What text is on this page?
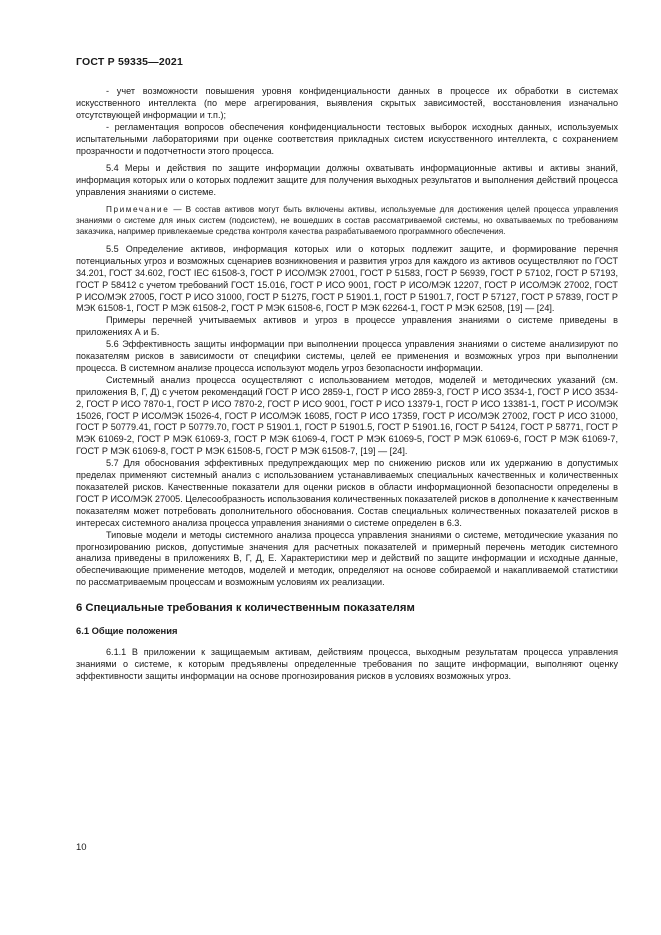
ГОСТ Р 59335—2021

- учет возможности повышения уровня конфиденциальности данных в процессе их обработки в системах искусственного интеллекта (по мере агрегирования, выявления скрытых зависимостей, восстановления изначально отсутствующей информации и т.п.);

- регламентация вопросов обеспечения конфиденциальности тестовых выборок исходных данных, используемых испытательными лабораториями при оценке соответствия прикладных систем искусственного интеллекта, с сохранением прозрачности и подотчетности этого процесса.

5.4 Меры и действия по защите информации должны охватывать информационные активы и активы знаний, информация которых или о которых подлежит защите для получения выходных результатов и выполнения действий процесса управления знаниями о системе.

Примечание — В состав активов могут быть включены активы, используемые для достижения целей процесса управления знаниями о системе для иных систем (подсистем), не вошедших в состав рассматриваемой системы, но охватываемых по требованиям заказчика, например привлекаемые средства контроля качества разрабатываемого программного обеспечения.

5.5 Определение активов, информация которых или о которых подлежит защите, и формирование перечня потенциальных угроз и возможных сценариев возникновения и развития угроз для каждого из активов осуществляют по ГОСТ 34.201, ГОСТ 34.602, ГОСТ IEC 61508-3, ГОСТ Р ИСО/МЭК 27001, ГОСТ Р 51583, ГОСТ Р 56939, ГОСТ Р 57102, ГОСТ Р 57193, ГОСТ Р 58412 с учетом требований ГОСТ 15.016, ГОСТ Р ИСО 9001, ГОСТ Р ИСО/МЭК 12207, ГОСТ Р ИСО/МЭК 27002, ГОСТ Р ИСО/МЭК 27005, ГОСТ Р ИСО 31000, ГОСТ Р 51275, ГОСТ Р 51901.1, ГОСТ Р 51901.7, ГОСТ Р 57127, ГОСТ Р 57839, ГОСТ Р МЭК 61508-1, ГОСТ Р МЭК 61508-2, ГОСТ Р МЭК 61508-6, ГОСТ Р МЭК 62264-1, ГОСТ Р МЭК 62508, [19] — [24].

Примеры перечней учитываемых активов и угроз в процессе управления знаниями о системе приведены в приложениях А и Б.

5.6 Эффективность защиты информации при выполнении процесса управления знаниями о системе анализируют по показателям рисков в зависимости от специфики системы, целей ее применения и возможных угроз при выполнении процесса. В системном анализе процесса используют модель угроз безопасности информации.

Системный анализ процесса осуществляют с использованием методов, моделей и методических указаний (см. приложения В, Г, Д) с учетом рекомендаций ГОСТ Р ИСО 2859-1, ГОСТ Р ИСО 2859-3, ГОСТ Р ИСО 3534-1, ГОСТ Р ИСО 3534-2, ГОСТ Р ИСО 7870-1, ГОСТ Р ИСО 7870-2, ГОСТ Р ИСО 9001, ГОСТ Р ИСО 13379-1, ГОСТ Р ИСО 13381-1, ГОСТ Р ИСО/МЭК 15026, ГОСТ Р ИСО/МЭК 15026-4, ГОСТ Р ИСО/МЭК 16085, ГОСТ Р ИСО 17359, ГОСТ Р ИСО/МЭК 27002, ГОСТ Р ИСО 31000, ГОСТ Р 50779.41, ГОСТ Р 50779.70, ГОСТ Р 51901.1, ГОСТ Р 51901.5, ГОСТ Р 51901.16, ГОСТ Р 54124, ГОСТ Р 58771, ГОСТ Р МЭК 61069-2, ГОСТ Р МЭК 61069-3, ГОСТ Р МЭК 61069-4, ГОСТ Р МЭК 61069-5, ГОСТ Р МЭК 61069-6, ГОСТ Р МЭК 61069-7, ГОСТ Р МЭК 61069-8, ГОСТ Р МЭК 61508-5, ГОСТ Р МЭК 61508-7, [19] — [24].

5.7 Для обоснования эффективных предупреждающих мер по снижению рисков или их удержанию в допустимых пределах применяют системный анализ с использованием устанавливаемых специальных качественных и количественных показателей рисков. Качественные показатели для оценки рисков в области информационной безопасности определены в ГОСТ Р ИСО/МЭК 27005. Целесообразность использования количественных показателей рисков в дополнение к качественным показателям может потребовать дополнительного обоснования. Состав специальных количественных показателей рисков в интересах системного анализа процесса управления знаниями о системе определен в 6.3.

Типовые модели и методы системного анализа процесса управления знаниями о системе, методические указания по прогнозированию рисков, допустимые значения для расчетных показателей и примерный перечень методик системного анализа приведены в приложениях В, Г, Д, Е. Характеристики мер и действий по защите информации и исходные данные, обеспечивающие применение методов, моделей и методик, определяют на основе собираемой и накапливаемой статистики по рассматриваемым процессам и возможным условиям их реализации.

6 Специальные требования к количественным показателям

6.1 Общие положения

6.1.1 В приложении к защищаемым активам, действиям процесса, выходным результатам процесса управления знаниями о системе, к которым предъявлены определенные требования по защите информации, выполняют оценку эффективности защиты информации на основе прогнозирования рисков в условиях возможных угроз.

10
